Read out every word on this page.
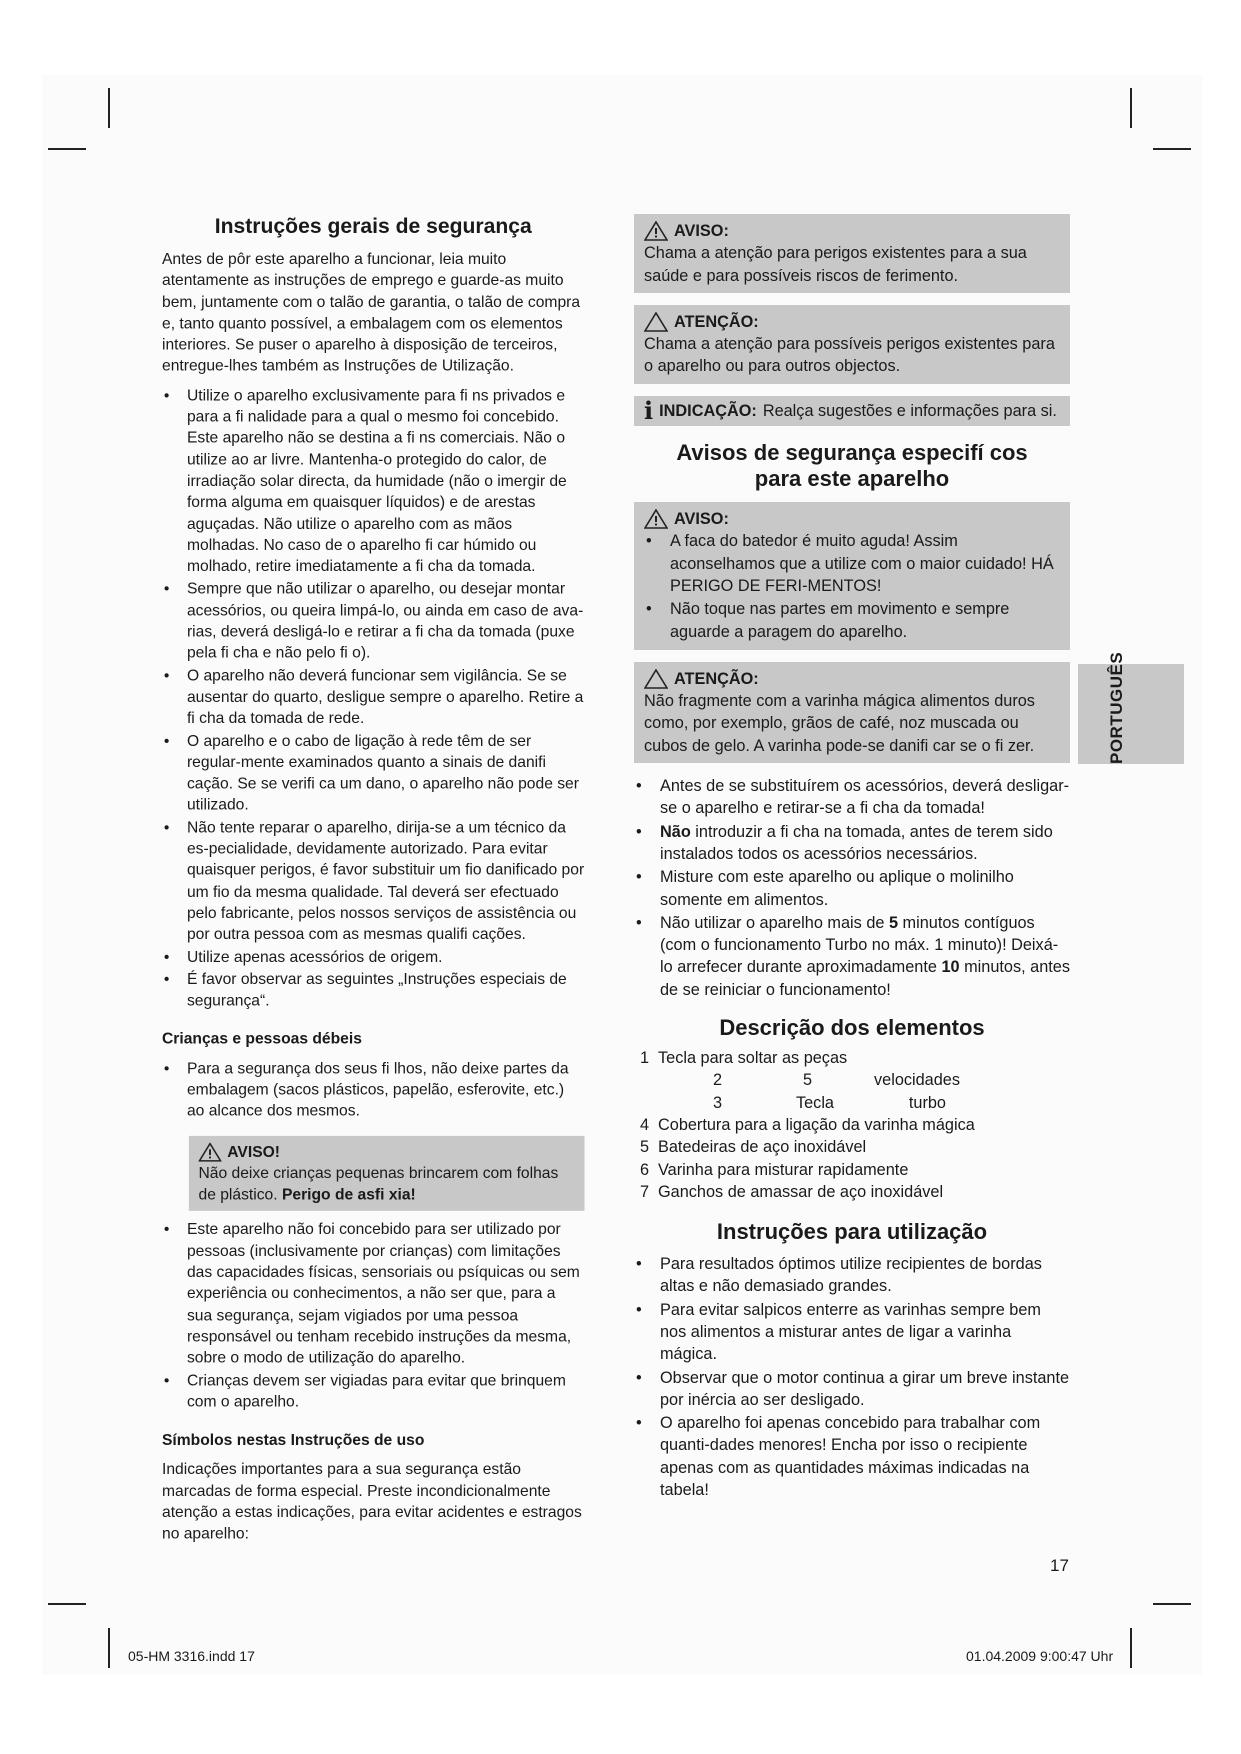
Instruções gerais de segurança

Antes de pôr este aparelho a funcionar, leia muito atentamente as instruções de emprego e guarde-as muito bem, juntamente com o talão de garantia, o talão de compra e, tanto quanto possível, a embalagem com os elementos interiores. Se puser o aparelho à disposição de terceiros, entregue-lhes também as Instruções de Utilização.

• Utilize o aparelho exclusivamente para fi ns privados e para a fi nalidade para a qual o mesmo foi concebido. Este aparelho não se destina a fi ns comerciais. Não o utilize ao ar livre. Mantenha-o protegido do calor, de irradiação solar directa, da humidade (não o imergir de forma alguma em quaisquer líquidos) e de arestas aguçadas. Não utilize o aparelho com as mãos molhadas. No caso de o aparelho fi car húmido ou molhado, retire imediatamente a fi cha da tomada.
• Sempre que não utilizar o aparelho, ou desejar montar acessórios, ou queira limpá-lo, ou ainda em caso de ava-rias, deverá desligá-lo e retirar a fi cha da tomada (puxe pela fi cha e não pelo fi o).
• O aparelho não deverá funcionar sem vigilância. Se se ausentar do quarto, desligue sempre o aparelho. Retire a fi cha da tomada de rede.
• O aparelho e o cabo de ligação à rede têm de ser regular-mente examinados quanto a sinais de danifi cação. Se se verifi ca um dano, o aparelho não pode ser utilizado.
• Não tente reparar o aparelho, dirija-se a um técnico da es-pecialidade, devidamente autorizado. Para evitar quaisquer perigos, é favor substituir um fio danificado por um fio da mesma qualidade. Tal deverá ser efectuado pelo fabricante, pelos nossos serviços de assistência ou por outra pessoa com as mesmas qualifi cações.
• Utilize apenas acessórios de origem.
• É favor observar as seguintes „Instruções especiais de segurança“.
Crianças e pessoas débeis
• Para a segurança dos seus fi lhos, não deixe partes da embalagem (sacos plásticos, papelão, esferovite, etc.) ao alcance dos mesmos.
AVISO!

Não deixe crianças pequenas brincarem com folhas de plástico. Perigo de asfi xia!

• Este aparelho não foi concebido para ser utilizado por pessoas (inclusivamente por crianças) com limitações das capacidades físicas, sensoriais ou psíquicas ou sem experiência ou conhecimentos, a não ser que, para a sua segurança, sejam vigiados por uma pessoa responsável ou tenham recebido instruções da mesma, sobre o modo de utilização do aparelho.
• Crianças devem ser vigiadas para evitar que brinquem com o aparelho.
Símbolos nestas Instruções de uso

Indicações importantes para a sua segurança estão marcadas de forma especial. Preste incondicionalmente atenção a estas indicações, para evitar acidentes e estragos no aparelho:

AVISO:

Chama a atenção para perigos existentes para a sua saúde e para possíveis riscos de ferimento.

ATENÇÃO:

Chama a atenção para possíveis perigos existentes para o aparelho ou para outros objectos.

i INDICAÇÃO: Realça sugestões e informações para si.
Avisos de segurança especifí cos
para este aparelho
AVISO:
• A faca do batedor é muito aguda! Assim aconselhamos que a utilize com o maior cuidado! HÁ PERIGO DE FERI-MENTOS!
• Não toque nas partes em movimento e sempre aguarde a paragem do aparelho.
ATENÇÃO:

Não fragmente com a varinha mágica alimentos duros como, por exemplo, grãos de café, noz muscada ou cubos de gelo. A varinha pode-se danifi car se o fi zer.

• Antes de se substituírem os acessórios, deverá desligar-se o aparelho e retirar-se a fi cha da tomada!
• Não introduzir a fi cha na tomada, antes de terem sido instalados todos os acessórios necessários.
• Misture com este aparelho ou aplique o molinilho somente em alimentos.
• Não utilizar o aparelho mais de 5 minutos contíguos (com o funcionamento Turbo no máx. 1 minuto)! Deixá-lo arrefecer durante aproximadamente 10 minutos, antes de se reiniciar o funcionamento!
Descrição dos elementos
1 Tecla para soltar as peças
2	5	velocidades
3	Tecla	turbo
4 Cobertura para a ligação da varinha mágica
5 Batedeiras de aço inoxidável
6 Varinha para misturar rapidamente
7 Ganchos de amassar de aço inoxidável
Instruções para utilização
• Para resultados óptimos utilize recipientes de bordas altas e não demasiado grandes.
• Para evitar salpicos enterre as varinhas sempre bem nos alimentos a misturar antes de ligar a varinha mágica.
• Observar que o motor continua a girar um breve instante por inércia ao ser desligado.
• O aparelho foi apenas concebido para trabalhar com quanti-dades menores! Encha por isso o recipiente apenas com as quantidades máximas indicadas na tabela!
PORTUGUÊS
17
05-HM 3316.indd 17	01.04.2009 9:00:47 Uhr
